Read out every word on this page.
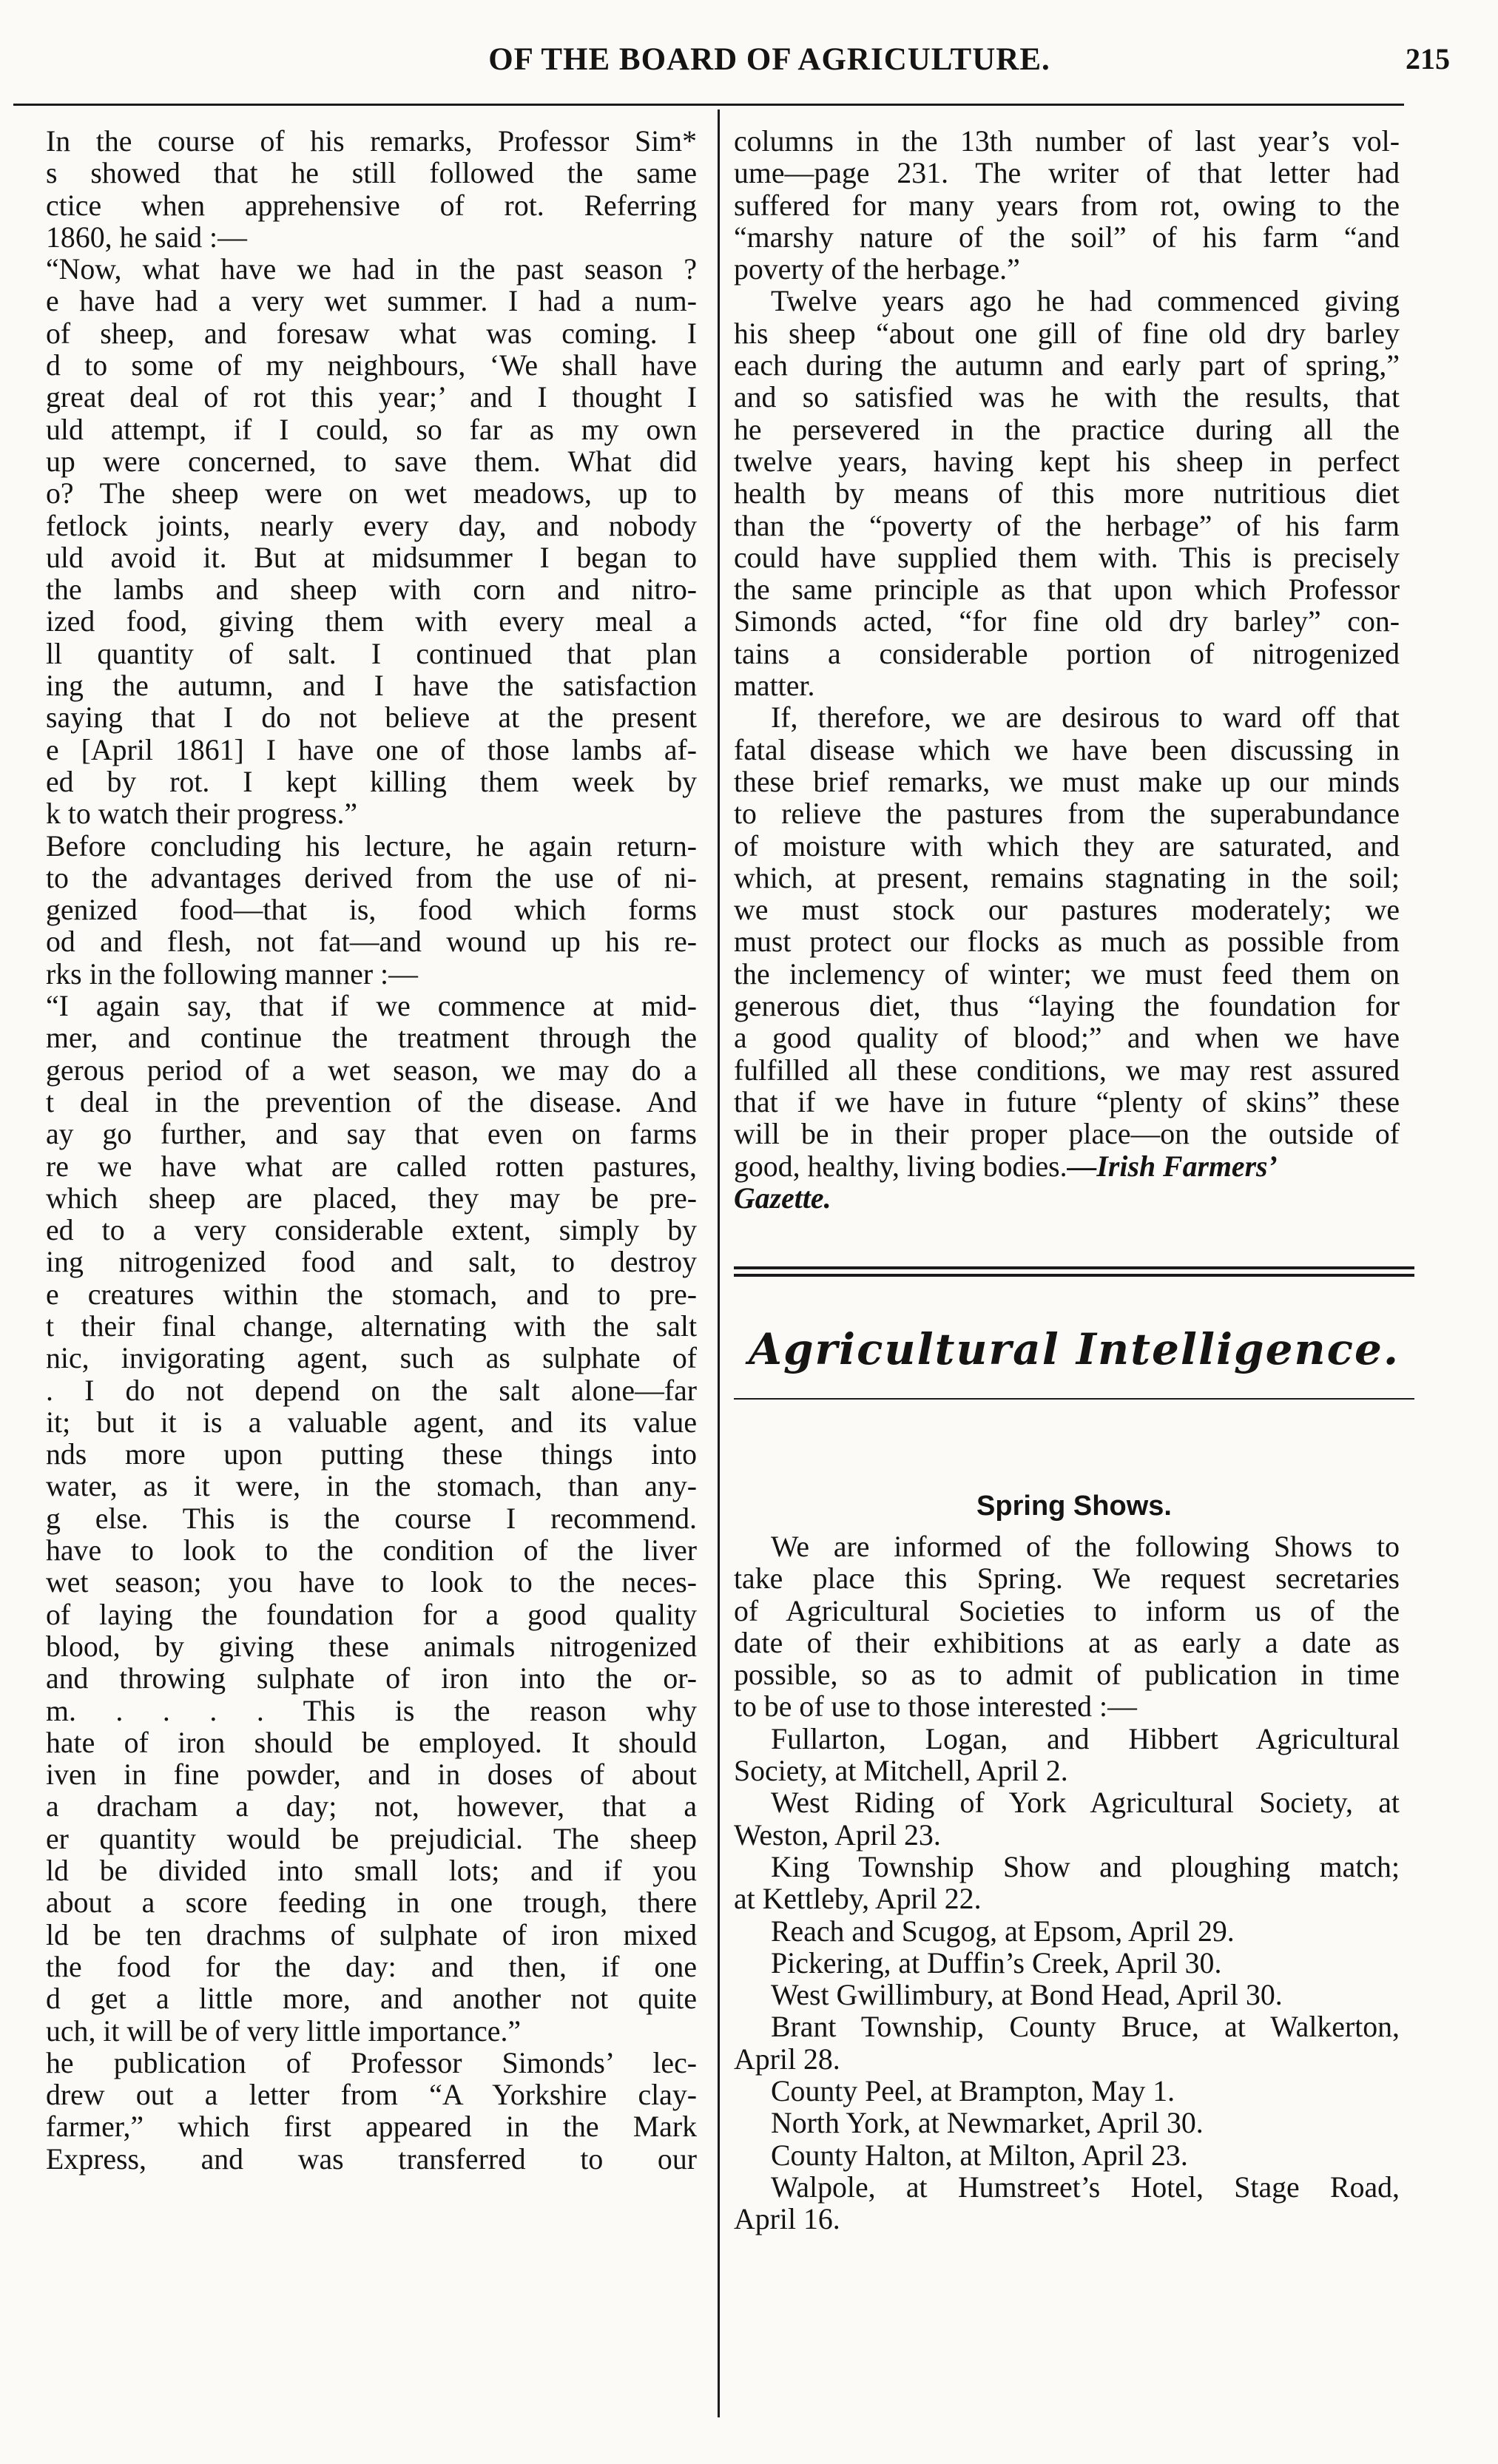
OF THE BOARD OF AGRICULTURE.	215
In the course of his remarks, Professor Sim*
s showed that he still followed the same
ctice when apprehensive of rot. Referring
1860, he said :—
“Now, what have we had in the past season ?
e have had a very wet summer. I had a num-
of sheep, and foresaw what was coming. I
d to some of my neighbours, ‘We shall have
great deal of rot this year;’ and I thought I
uld attempt, if I could, so far as my own
up were concerned, to save them. What did
o? The sheep were on wet meadows, up to
fetlock joints, nearly every day, and nobody
uld avoid it. But at midsummer I began to
the lambs and sheep with corn and nitro-
ized food, giving them with every meal a
ll quantity of salt. I continued that plan
ing the autumn, and I have the satisfaction
saying that I do not believe at the present
e [April 1861] I have one of those lambs af-
ed by rot. I kept killing them week by
k to watch their progress.”
Before concluding his lecture, he again return-
to the advantages derived from the use of ni-
genized food—that is, food which forms
od and flesh, not fat—and wound up his re-
rks in the following manner :—
“I again say, that if we commence at mid-
mer, and continue the treatment through the
gerous period of a wet season, we may do a
t deal in the prevention of the disease. And
ay go further, and say that even on farms
re we have what are called rotten pastures,
which sheep are placed, they may be pre-
ed to a very considerable extent, simply by
ing nitrogenized food and salt, to destroy
e creatures within the stomach, and to pre-
t their final change, alternating with the salt
nic, invigorating agent, such as sulphate of
. I do not depend on the salt alone—far
it; but it is a valuable agent, and its value
nds more upon putting these things into
water, as it were, in the stomach, than any-
g else. This is the course I recommend.
have to look to the condition of the liver
wet season; you have to look to the neces-
of laying the foundation for a good quality
blood, by giving these animals nitrogenized
and throwing sulphate of iron into the or-
m. . . . . This is the reason why
hate of iron should be employed. It should
iven in fine powder, and in doses of about
a dracham a day; not, however, that a
er quantity would be prejudicial. The sheep
ld be divided into small lots; and if you
about a score feeding in one trough, there
ld be ten drachms of sulphate of iron mixed
the food for the day: and then, if one
d get a little more, and another not quite
uch, it will be of very little importance.”
he publication of Professor Simonds’ lec-
drew out a letter from “A Yorkshire clay-
farmer,” which first appeared in the Mark
Express, and was transferred to our
columns in the 13th number of last year’s vol-
ume—page 231. The writer of that letter had
suffered for many years from rot, owing to the
“marshy nature of the soil” of his farm “and
poverty of the herbage.”
Twelve years ago he had commenced giving
his sheep “about one gill of fine old dry barley
each during the autumn and early part of spring,”
and so satisfied was he with the results, that
he persevered in the practice during all the
twelve years, having kept his sheep in perfect
health by means of this more nutritious diet
than the “poverty of the herbage” of his farm
could have supplied them with. This is precisely
the same principle as that upon which Professor
Simonds acted, “for fine old dry barley” con-
tains a considerable portion of nitrogenized
matter.
If, therefore, we are desirous to ward off that
fatal disease which we have been discussing in
these brief remarks, we must make up our minds
to relieve the pastures from the superabundance
of moisture with which they are saturated, and
which, at present, remains stagnating in the soil;
we must stock our pastures moderately; we
must protect our flocks as much as possible from
the inclemency of winter; we must feed them on
generous diet, thus “laying the foundation for
a good quality of blood;” and when we have
fulfilled all these conditions, we may rest assured
that if we have in future “plenty of skins” these
will be in their proper place—on the outside of
good, healthy, living bodies.—Irish Farmers’
Gazette.
Agricultural Intelligence.
Spring Shows.
We are informed of the following Shows to
take place this Spring. We request secretaries
of Agricultural Societies to inform us of the
date of their exhibitions at as early a date as
possible, so as to admit of publication in time
to be of use to those interested :—
Fullarton, Logan, and Hibbert Agricultural
Society, at Mitchell, April 2.
West Riding of York Agricultural Society, at
Weston, April 23.
King Township Show and ploughing match;
at Kettleby, April 22.
Reach and Scugog, at Epsom, April 29.
Pickering, at Duffin’s Creek, April 30.
West Gwillimbury, at Bond Head, April 30.
Brant Township, County Bruce, at Walkerton,
April 28.
County Peel, at Brampton, May 1.
North York, at Newmarket, April 30.
County Halton, at Milton, April 23.
Walpole, at Humstreet’s Hotel, Stage Road,
April 16.
